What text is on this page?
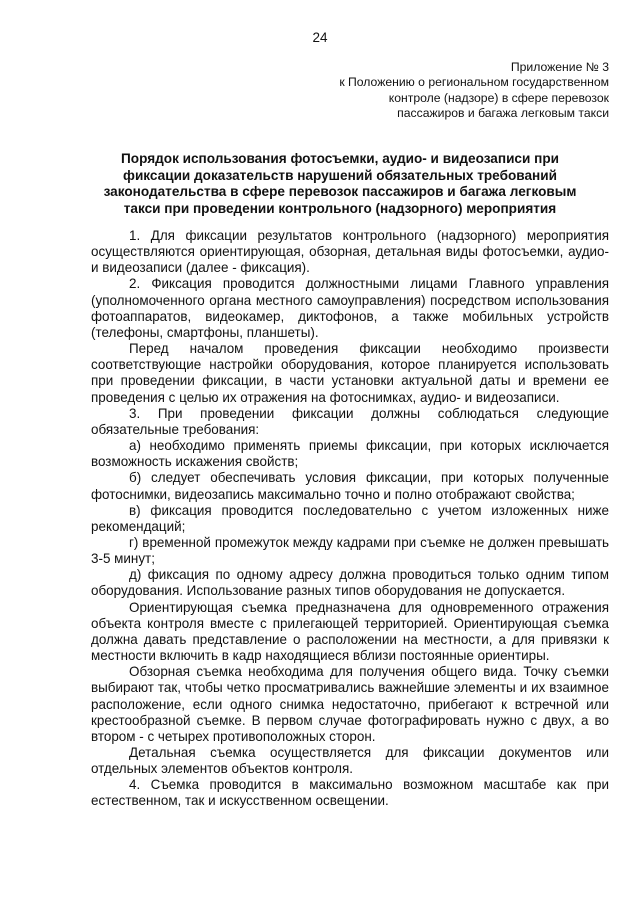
24
Приложение № 3
к Положению о региональном государственном
контроле (надзоре) в сфере перевозок
пассажиров и багажа легковым такси
Порядок использования фотосъемки, аудио- и видеозаписи при фиксации доказательств нарушений обязательных требований законодательства в сфере перевозок пассажиров и багажа легковым такси при проведении контрольного (надзорного) мероприятия

1. Для фиксации результатов контрольного (надзорного) мероприятия осуществляются ориентирующая, обзорная, детальная виды фотосъемки, аудио- и видеозаписи (далее - фиксация).

2. Фиксация проводится должностными лицами Главного управления (уполномоченного органа местного самоуправления) посредством использования фотоаппаратов, видеокамер, диктофонов, а также мобильных устройств (телефоны, смартфоны, планшеты).

Перед началом проведения фиксации необходимо произвести соответствующие настройки оборудования, которое планируется использовать при проведении фиксации, в части установки актуальной даты и времени ее проведения с целью их отражения на фотоснимках, аудио- и видеозаписи.

3. При проведении фиксации должны соблюдаться следующие обязательные требования:

а) необходимо применять приемы фиксации, при которых исключается возможность искажения свойств;

б) следует обеспечивать условия фиксации, при которых полученные фотоснимки, видеозапись максимально точно и полно отображают свойства;

в) фиксация проводится последовательно с учетом изложенных ниже рекомендаций;

г) временной промежуток между кадрами при съемке не должен превышать 3-5 минут;

д) фиксация по одному адресу должна проводиться только одним типом оборудования. Использование разных типов оборудования не допускается.

Ориентирующая съемка предназначена для одновременного отражения объекта контроля вместе с прилегающей территорией. Ориентирующая съемка должна давать представление о расположении на местности, а для привязки к местности включить в кадр находящиеся вблизи постоянные ориентиры.

Обзорная съемка необходима для получения общего вида. Точку съемки выбирают так, чтобы четко просматривались важнейшие элементы и их взаимное расположение, если одного снимка недостаточно, прибегают к встречной или крестообразной съемке. В первом случае фотографировать нужно с двух, а во втором - с четырех противоположных сторон.

Детальная съемка осуществляется для фиксации документов или отдельных элементов объектов контроля.

4. Съемка проводится в максимально возможном масштабе как при естественном, так и искусственном освещении.
